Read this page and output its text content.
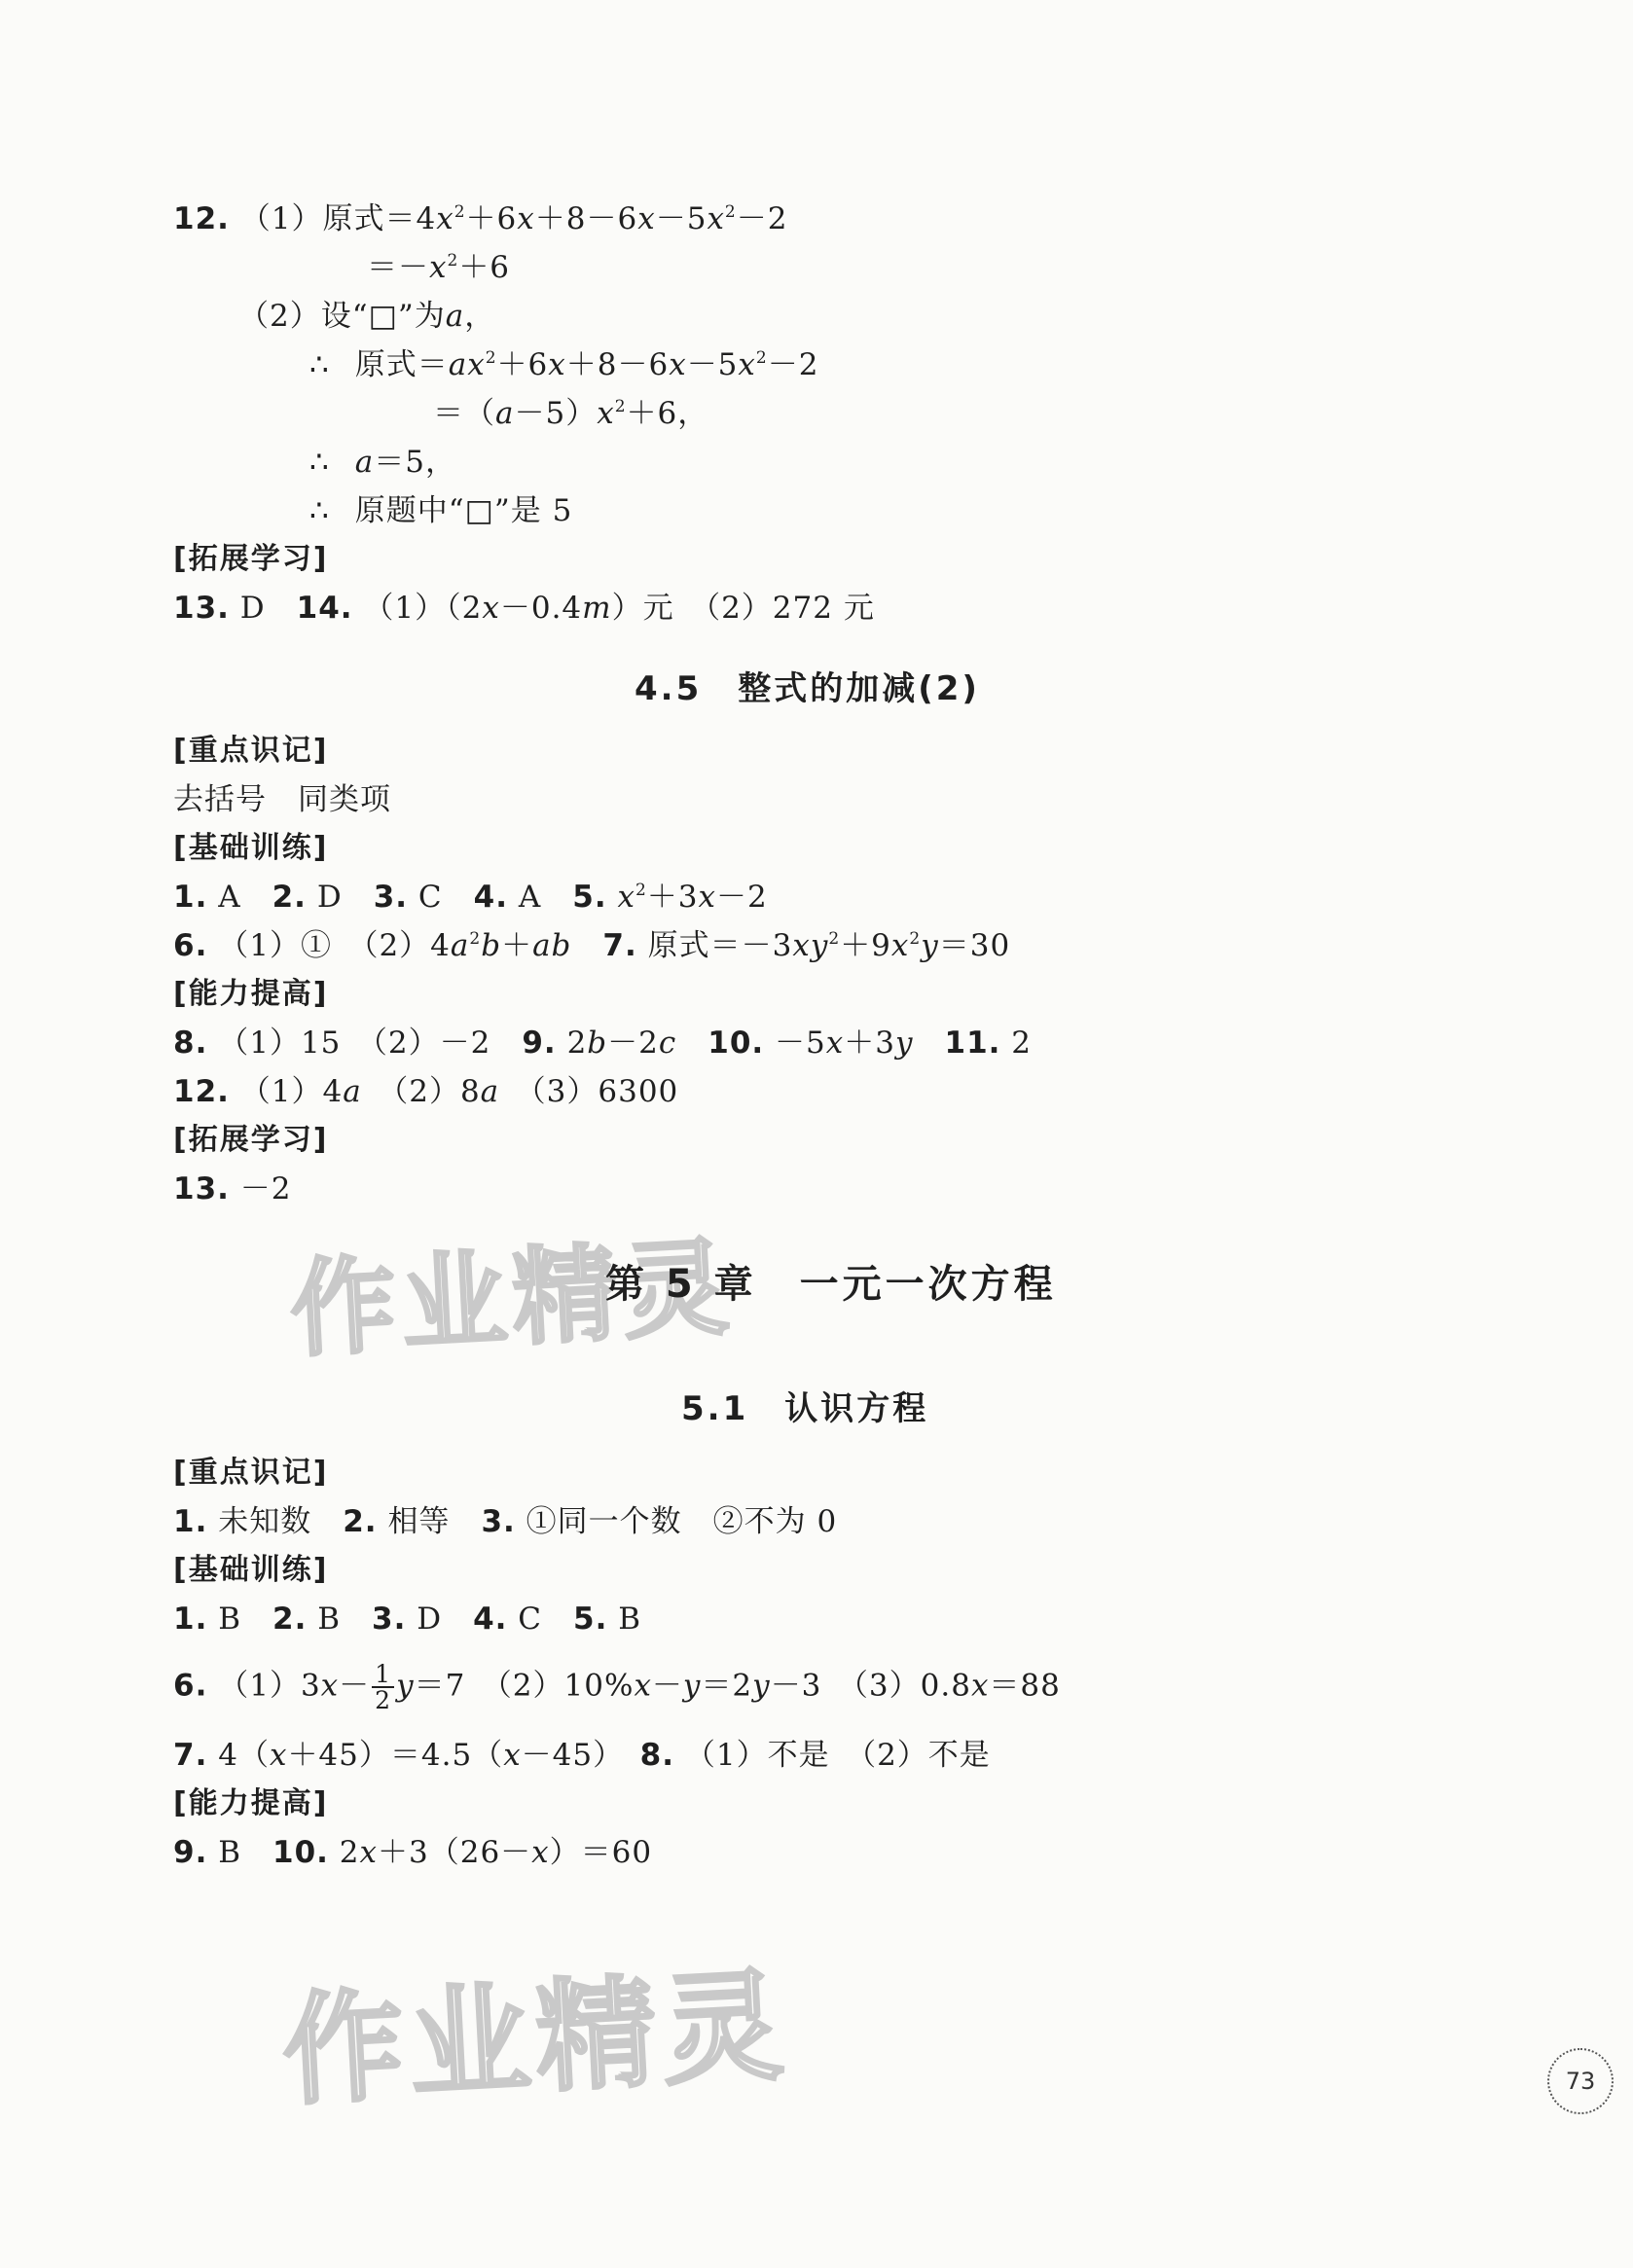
作业精灵
作业精灵
12. （1）原式$=4x^2+6x+8-6x-5x^2-2$
$=-x^2+6$
（2）设“□”为a，
∴ 原式$=ax^2+6x+8-6x-5x^2-2$
$=(a-5)x^2+6$，
∴ a＝5，
∴ 原题中“□”是 5
[拓展学习]
13. D　 14. （1）（2x－0.4m）元　 （2）272 元
4.5　整式的加减(2)
[重点识记]
去括号　同类项
[基础训练]
1. A　 2. D　 3. C　 4. A　 5. $x^2+3x-2$
6. （1）①　$(2)4a^2b+ab$　 7. 原式$=-3xy^2+9x^2y=30$
[能力提高]
8. （1）15　（2）－2　 9. 2b－2c　 10. －5x＋3y　 11. 2
12. （1）4a　 （2）8a　 （3）6300
[拓展学习]
13. －2
第 5 章　一元一次方程
5.1　认识方程
[重点识记]
1. 未知数　 2. 相等　 3. ①同一个数　②不为 0
[基础训练]
1. B　 2. B　 3. D　 4. C　 5. B
6. $(1)3x- \frac{1}{2} y=7$　（2）10%x－y＝2y－3　（3）0.8x＝88
7. 4（x＋45）＝4.5（x－45）　 8. （1）不是　（2）不是
[能力提高]
9. B　 10. 2x＋3（26－x）＝60
73
